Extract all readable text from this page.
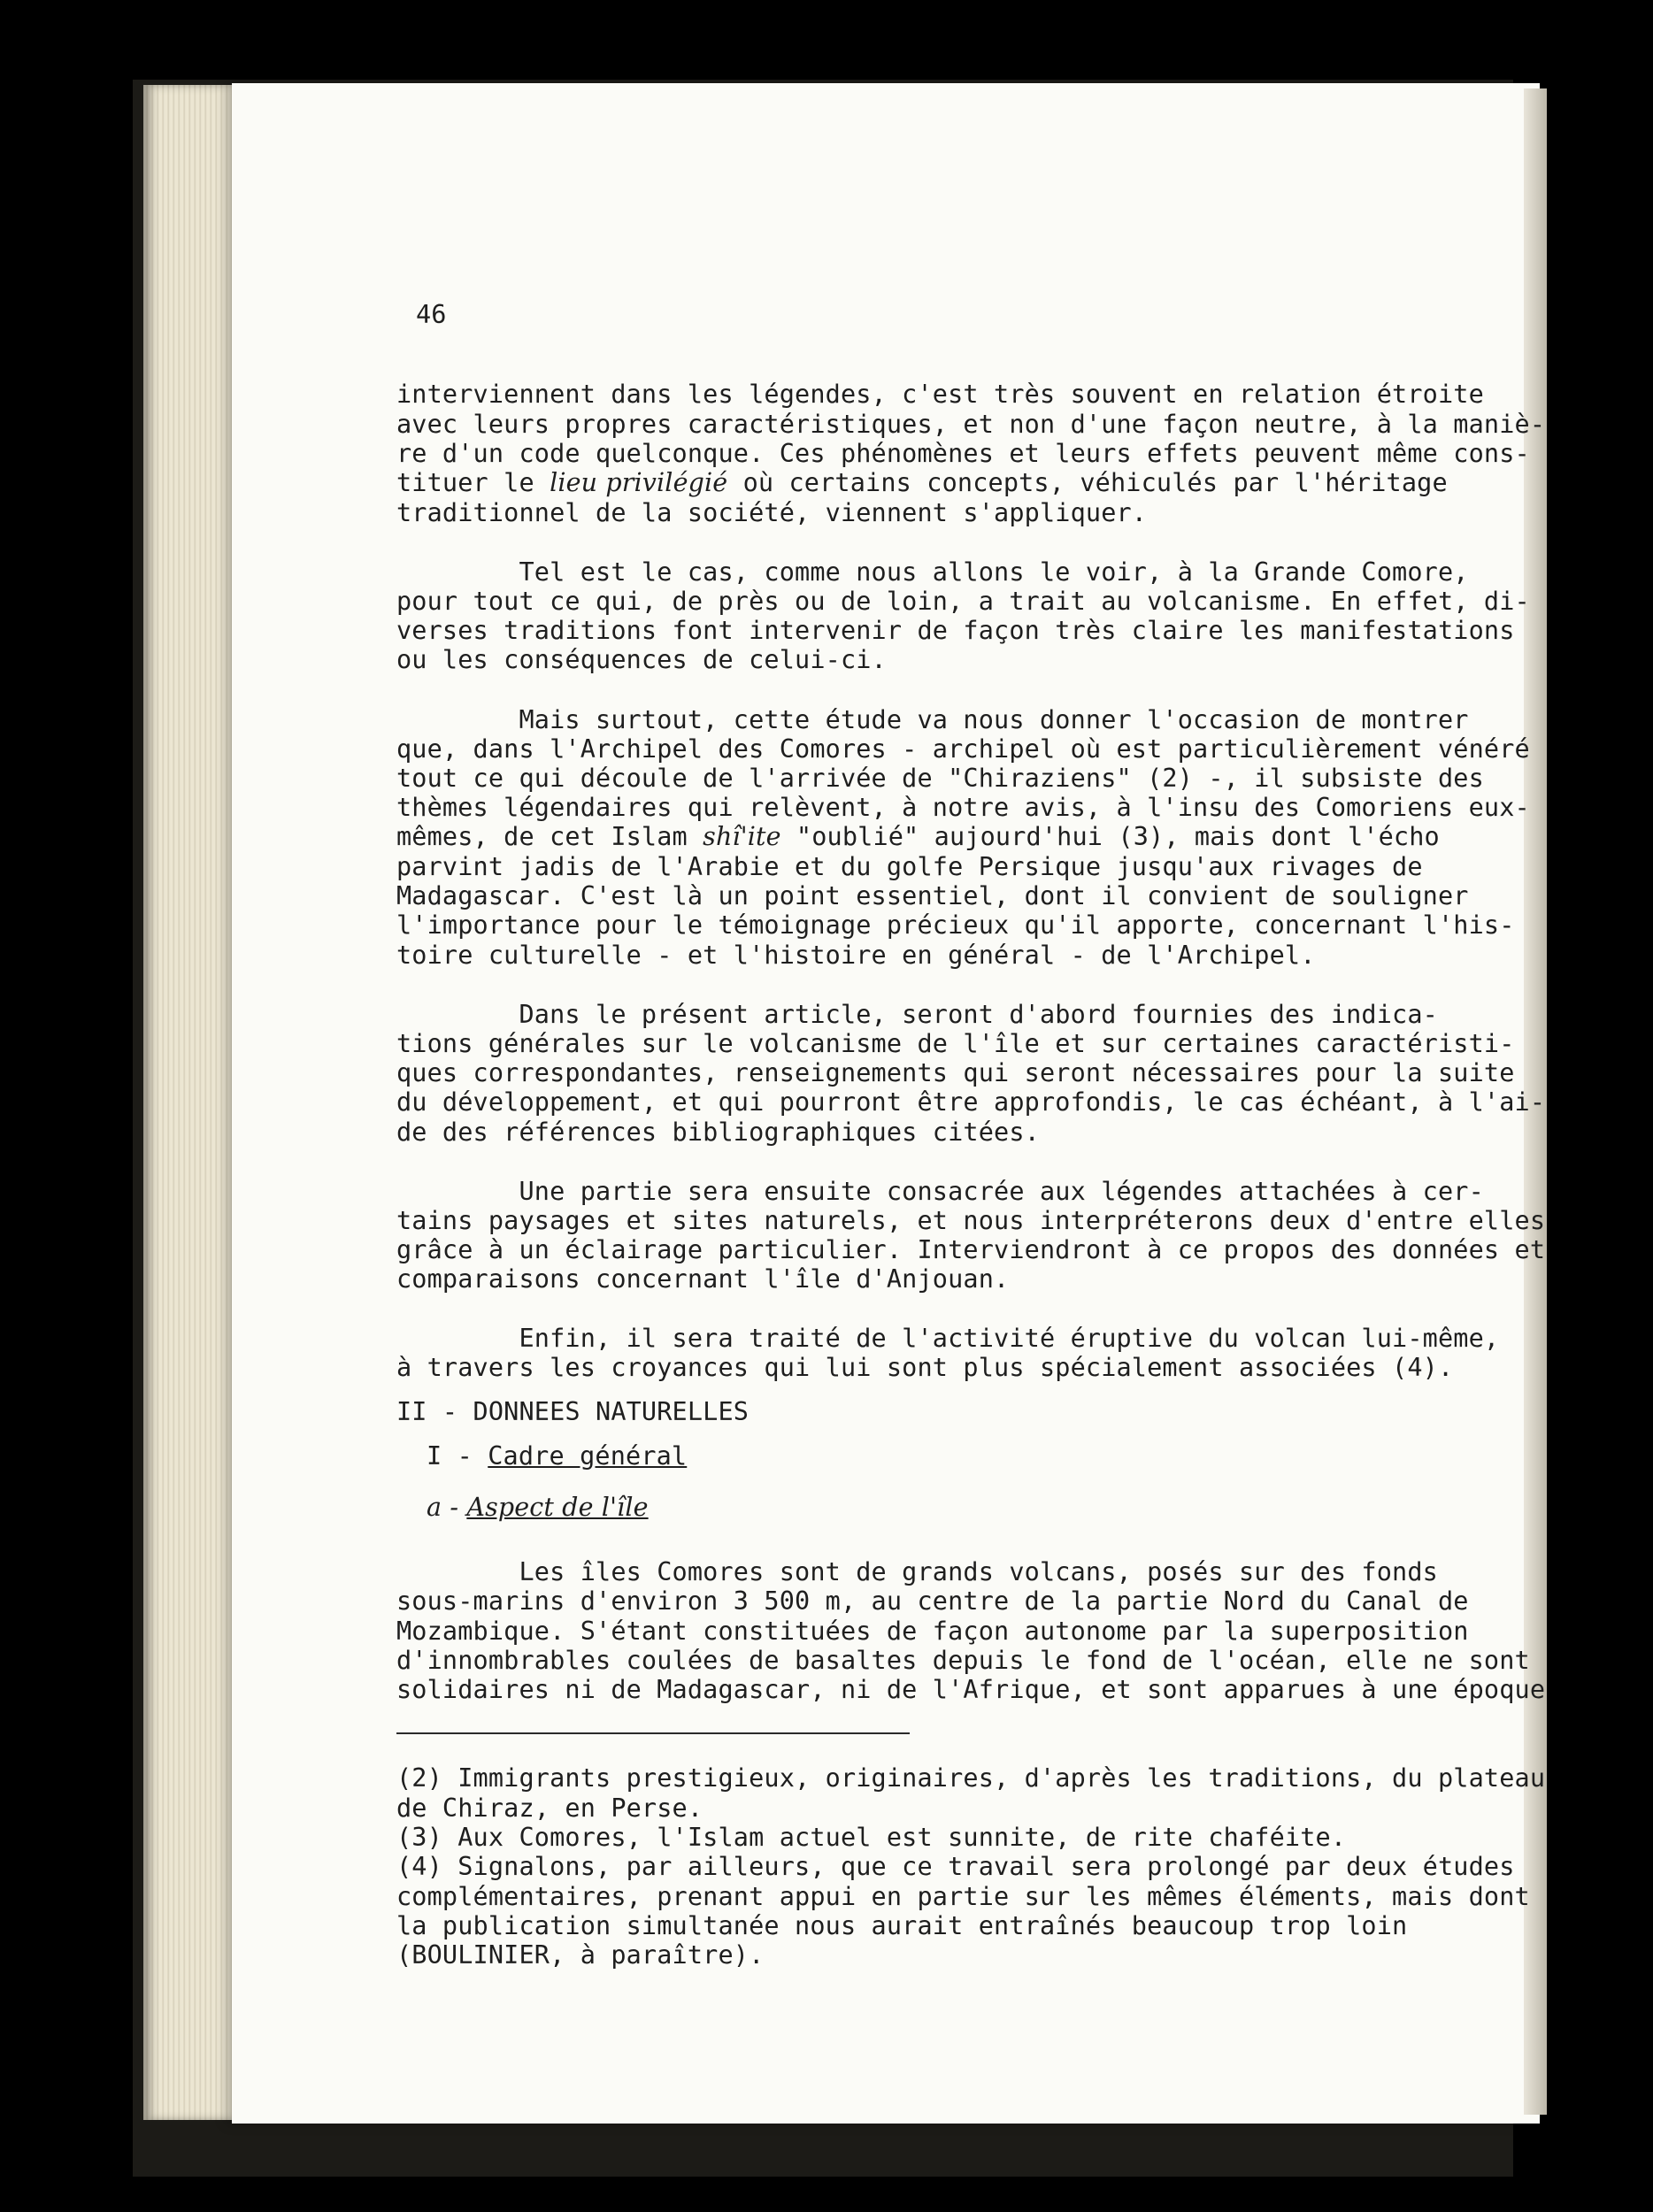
46
interviennent dans les légendes, c'est très souvent en relation étroite
avec leurs propres caractéristiques, et non d'une façon neutre, à la maniè-
re d'un code quelconque. Ces phénomènes et leurs effets peuvent même cons-
tituer le lieu privilégié où certains concepts, véhiculés par l'héritage
traditionnel de la société, viennent s'appliquer.
Tel est le cas, comme nous allons le voir, à la Grande Comore,
pour tout ce qui, de près ou de loin, a trait au volcanisme. En effet, di-
verses traditions font intervenir de façon très claire les manifestations
ou les conséquences de celui-ci.
Mais surtout, cette étude va nous donner l'occasion de montrer
que, dans l'Archipel des Comores - archipel où est particulièrement vénéré
tout ce qui découle de l'arrivée de "Chiraziens" (2) -, il subsiste des
thèmes légendaires qui relèvent, à notre avis, à l'insu des Comoriens eux-
mêmes, de cet Islam shî'ite "oublié" aujourd'hui (3), mais dont l'écho
parvint jadis de l'Arabie et du golfe Persique jusqu'aux rivages de
Madagascar. C'est là un point essentiel, dont il convient de souligner
l'importance pour le témoignage précieux qu'il apporte, concernant l'his-
toire culturelle - et l'histoire en général - de l'Archipel.
Dans le présent article, seront d'abord fournies des indica-
tions générales sur le volcanisme de l'île et sur certaines caractéristi-
ques correspondantes, renseignements qui seront nécessaires pour la suite
du développement, et qui pourront être approfondis, le cas échéant, à l'ai-
de des références bibliographiques citées.
Une partie sera ensuite consacrée aux légendes attachées à cer-
tains paysages et sites naturels, et nous interpréterons deux d'entre elles
grâce à un éclairage particulier. Interviendront à ce propos des données et
comparaisons concernant l'île d'Anjouan.
Enfin, il sera traité de l'activité éruptive du volcan lui-même,
à travers les croyances qui lui sont plus spécialement associées (4).
II - DONNEES NATURELLES
I - Cadre général
a - Aspect de l'île
Les îles Comores sont de grands volcans, posés sur des fonds
sous-marins d'environ 3 500 m, au centre de la partie Nord du Canal de
Mozambique. S'étant constituées de façon autonome par la superposition
d'innombrables coulées de basaltes depuis le fond de l'océan, elle ne sont
solidaires ni de Madagascar, ni de l'Afrique, et sont apparues à une époque
(2) Immigrants prestigieux, originaires, d'après les traditions, du plateau
de Chiraz, en Perse.
(3) Aux Comores, l'Islam actuel est sunnite, de rite chaféite.
(4) Signalons, par ailleurs, que ce travail sera prolongé par deux études
complémentaires, prenant appui en partie sur les mêmes éléments, mais dont
la publication simultanée nous aurait entraînés beaucoup trop loin
(BOULINIER, à paraître).
